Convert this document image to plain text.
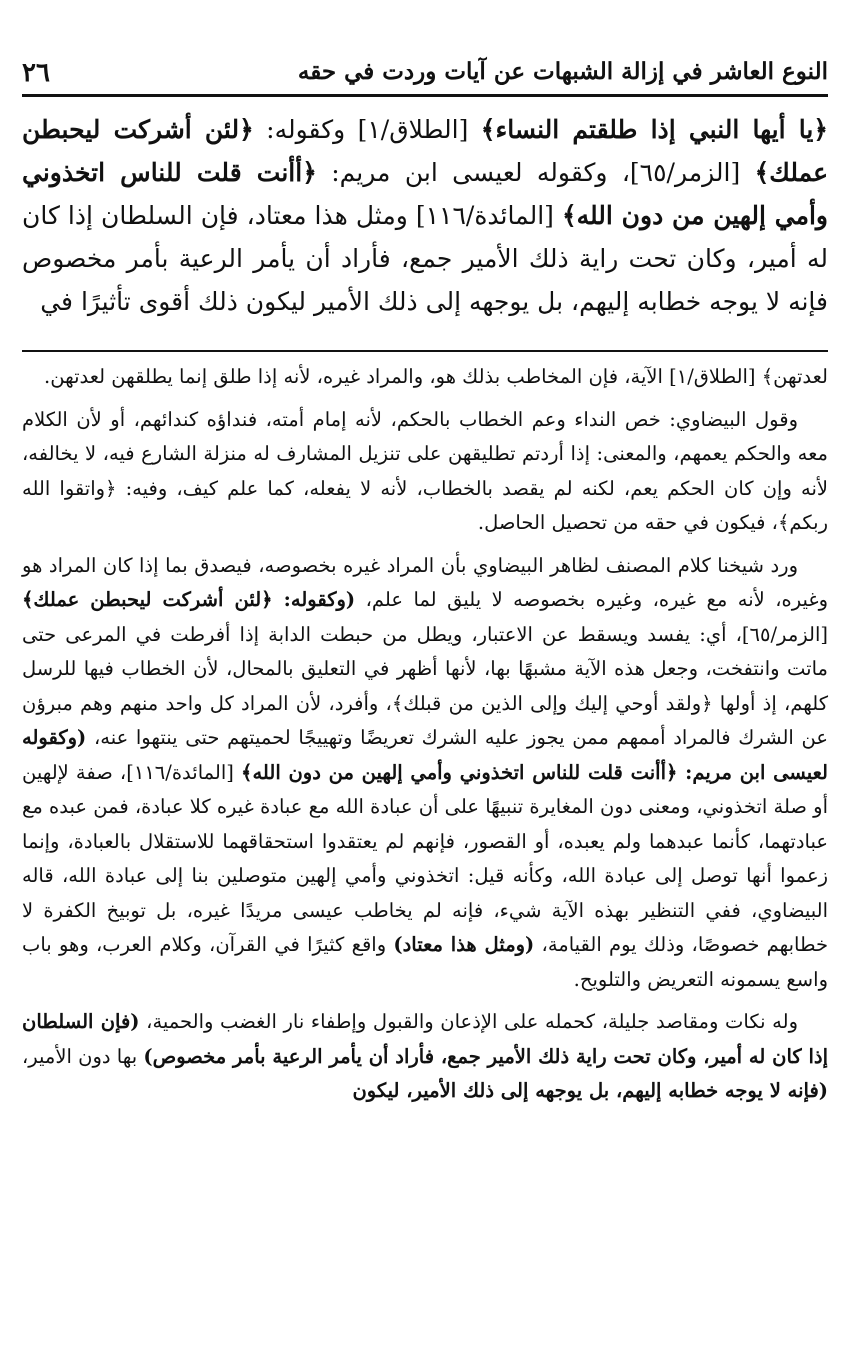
٢٦	النوع العاشر في إزالة الشبهات عن آيات وردت في حقه

﴿يا أيها النبي إذا طلقتم النساء﴾ [الطلاق/١] وكقوله: ﴿لئن أشركت ليحبطن عملك﴾ [الزمر/٦٥]، وكقوله لعيسى ابن مريم: ﴿أأنت قلت للناس اتخذوني وأمي إلهين من دون الله﴾ [المائدة/١١٦] ومثل هذا معتاد، فإن السلطان إذا كان له أمير، وكان تحت راية ذلك الأمير جمع، فأراد أن يأمر الرعية بأمر مخصوص فإنه لا يوجه خطابه إليهم، بل يوجهه إلى ذلك الأمير ليكون ذلك أقوى تأثيرًا في

لعدتهن﴾ [الطلاق/١] الآية، فإن المخاطب بذلك هو، والمراد غيره، لأنه إذا طلق إنما يطلقهن لعدتهن.

وقول البيضاوي: خص النداء وعم الخطاب بالحكم، لأنه إمام أمته، فنداؤه كندائهم، أو لأن الكلام معه والحكم يعمهم، والمعنى: إذا أردتم تطليقهن على تنزيل المشارف له منزلة الشارع فيه، لا يخالفه، لأنه وإن كان الحكم يعم، لكنه لم يقصد بالخطاب، لأنه لا يفعله، كما علم كيف، وفيه: ﴿واتقوا الله ربكم﴾، فيكون في حقه من تحصيل الحاصل.

ورد شيخنا كلام المصنف لظاهر البيضاوي بأن المراد غيره بخصوصه، فيصدق بما إذا كان المراد هو وغيره، لأنه مع غيره، وغيره بخصوصه لا يليق لما علم، (وكقوله: ﴿لئن أشركت ليحبطن عملك﴾ [الزمر/٦٥]، أي: يفسد ويسقط عن الاعتبار، ويطل من حبطت الدابة إذا أفرطت في المرعى حتى ماتت وانتفخت، وجعل هذه الآية مشبهًا بها، لأنها أظهر في التعليق بالمحال، لأن الخطاب فيها للرسل كلهم، إذ أولها ﴿ولقد أوحي إليك وإلى الذين من قبلك﴾، وأفرد، لأن المراد كل واحد منهم وهم مبرؤن عن الشرك فالمراد أممهم ممن يجوز عليه الشرك تعريضًا وتهييجًا لحميتهم حتى ينتهوا عنه، (وكقوله لعيسى ابن مريم: ﴿أأنت قلت للناس اتخذوني وأمي إلهين من دون الله﴾ [المائدة/١١٦]، صفة لإلهين أو صلة اتخذوني، ومعنى دون المغايرة تنبيهًا على أن عبادة الله مع عبادة غيره كلا عبادة، فمن عبده مع عبادتهما، كأنما عبدهما ولم يعبده، أو القصور، فإنهم لم يعتقدوا استحقاقهما للاستقلال بالعبادة، وإنما زعموا أنها توصل إلى عبادة الله، وكأنه قيل: اتخذوني وأمي إلهين متوصلين بنا إلى عبادة الله، قاله البيضاوي، ففي التنظير بهذه الآية شيء، فإنه لم يخاطب عيسى مريدًا غيره، بل توبيخ الكفرة لا خطابهم خصوصًا، وذلك يوم القيامة، (ومثل هذا معتاد) واقع كثيرًا في القرآن، وكلام العرب، وهو باب واسع يسمونه التعريض والتلويح.

وله نكات ومقاصد جليلة، كحمله على الإذعان والقبول وإطفاء نار الغضب والحمية، (فإن السلطان إذا كان له أمير، وكان تحت راية ذلك الأمير جمع، فأراد أن يأمر الرعية بأمر مخصوص) بها دون الأمير، (فإنه لا يوجه خطابه إليهم، بل يوجهه إلى ذلك الأمير، ليكون
